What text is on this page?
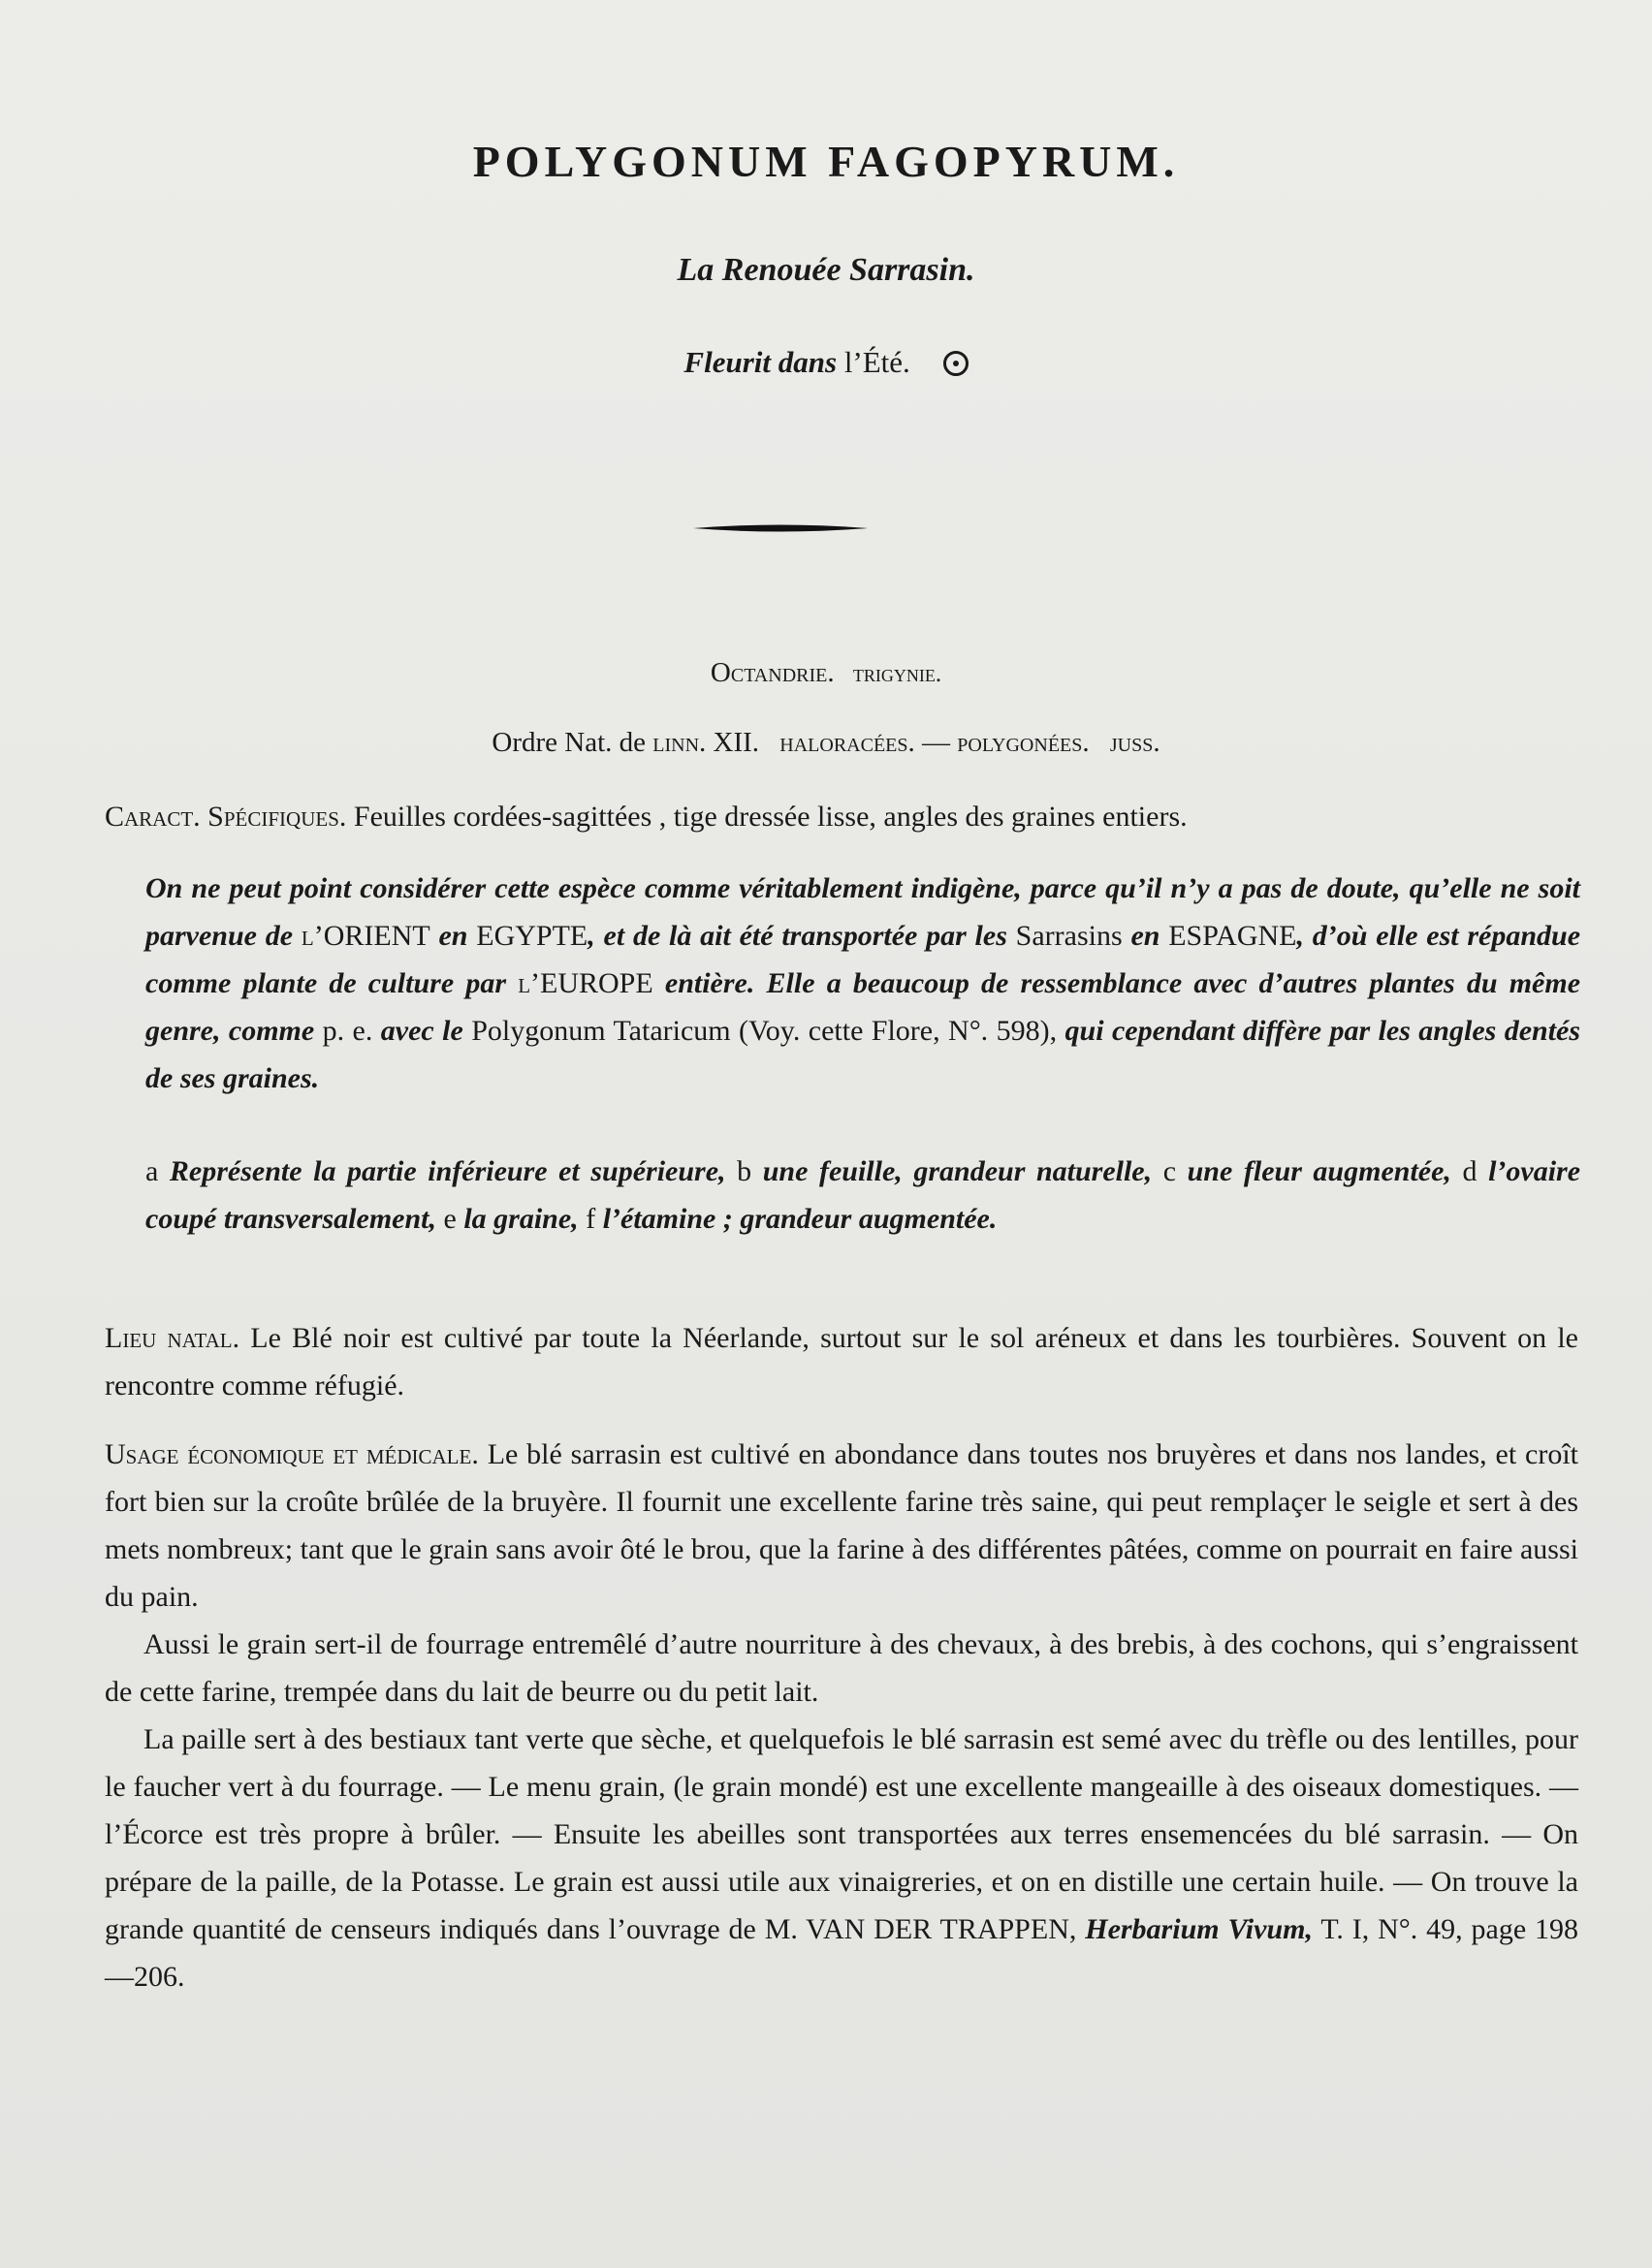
POLYGONUM FAGOPYRUM.
La Renouée Sarrasin.
Fleurit dans l’Été.
Octandrie. trigynie.
Ordre Nat. de linn. XII. haloracées. — polygonées. juss.
Caract. Spécifiques. Feuilles cordées-sagittées , tige dressée lisse, angles des graines entiers.
On ne peut point considérer cette espèce comme véritablement indigène, parce qu’il n’y a pas de doute, qu’elle ne soit parvenue de l’ORIENT en EGYPTE, et de là ait été transportée par les Sarrasins en ESPAGNE, d’où elle est répandue comme plante de culture par l’EUROPE entière. Elle a beaucoup de ressemblance avec d’autres plantes du même genre, comme p. e. avec le Polygonum Tataricum (Voy. cette Flore, N°. 598), qui cependant diffère par les angles dentés de ses graines.
a Représente la partie inférieure et supérieure, b une feuille, grandeur naturelle, c une fleur augmentée, d l’ovaire coupé transversalement, e la graine, f l’étamine ; grandeur augmentée.
Lieu natal. Le Blé noir est cultivé par toute la Néerlande, surtout sur le sol aréneux et dans les tourbières. Souvent on le rencontre comme réfugié.

Usage économique et médicale. Le blé sarrasin est cultivé en abondance dans toutes nos bruyères et dans nos landes, et croît fort bien sur la croûte brûlée de la bruyère. Il fournit une excellente farine très saine, qui peut remplaçer le seigle et sert à des mets nombreux; tant que le grain sans avoir ôté le brou, que la farine à des différentes pâtées, comme on pourrait en faire aussi du pain.

Aussi le grain sert-il de fourrage entremêlé d’autre nourriture à des chevaux, à des brebis, à des cochons, qui s’engraissent de cette farine, trempée dans du lait de beurre ou du petit lait.

La paille sert à des bestiaux tant verte que sèche, et quelquefois le blé sarrasin est semé avec du trèfle ou des lentilles, pour le faucher vert à du fourrage. — Le menu grain, (le grain mondé) est une excellente mangeaille à des oiseaux domestiques. — l’Écorce est très propre à brûler. — Ensuite les abeilles sont transportées aux terres ensemencées du blé sarrasin. — On prépare de la paille, de la Potasse. Le grain est aussi utile aux vinaigreries, et on en distille une certain huile. — On trouve la grande quantité de censeurs indiqués dans l’ouvrage de M. VAN DER TRAPPEN, Herbarium Vivum, T. I, N°. 49, page 198—206.
